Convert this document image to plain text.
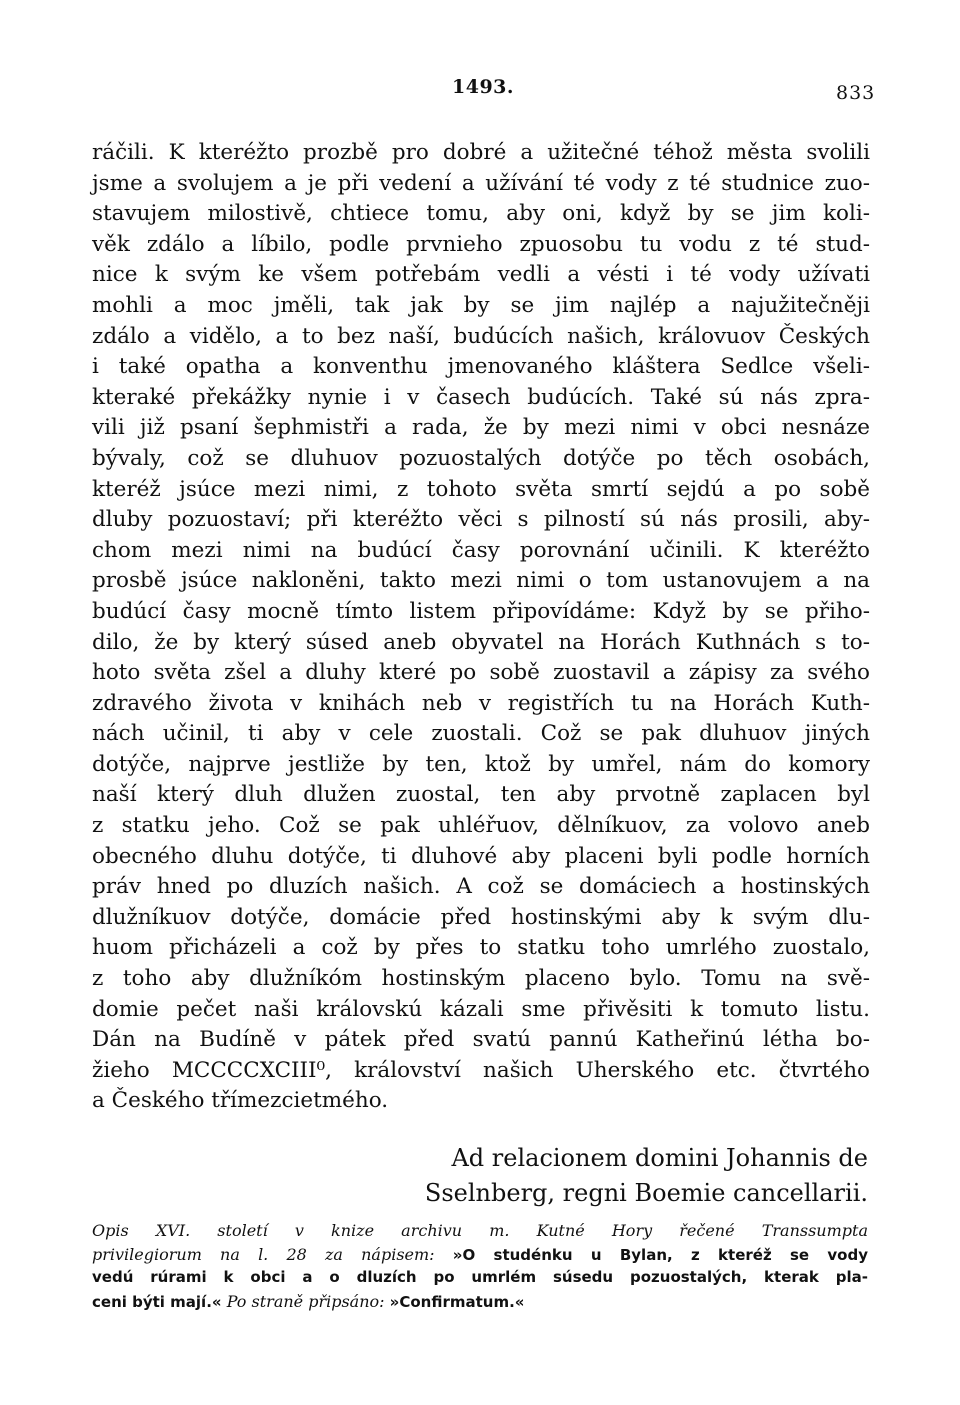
1493.	833
ráčili. K kteréžto prozbě pro dobré a užitečné téhož města svolili
jsme a svolujem a je při vedení a užívání té vody z té studnice zuo-
stavujem milostivě, chtiece tomu, aby oni, když by se jim koli-
věk zdálo a líbilo, podle prvnieho zpuosobu tu vodu z té stud-
nice k svým ke všem potřebám vedli a vésti i té vody užívati
mohli a moc jměli, tak jak by se jim najlép a najužitečněji
zdálo a vidělo, a to bez naší, budúcích našich, královuov Českých
i také opatha a konventhu jmenovaného kláštera Sedlce všeli-
kteraké překážky nynie i v časech budúcích. Také sú nás zpra-
vili již psaní šephmistři a rada, že by mezi nimi v obci nesnáze
bývaly, což se dluhuov pozuostalých dotýče po těch osobách,
kteréž jsúce mezi nimi, z tohoto světa smrtí sejdú a po sobě
dluby pozuostaví; při kteréžto věci s pilností sú nás prosili, aby-
chom mezi nimi na budúcí časy porovnání učinili. K kteréžto
prosbě jsúce nakloněni, takto mezi nimi o tom ustanovujem a na
budúcí časy mocně tímto listem připovídáme: Když by se přiho-
dilo, že by který súsed aneb obyvatel na Horách Kuthnách s to-
hoto světa zšel a dluhy které po sobě zuostavil a zápisy za svého
zdravého života v knihách neb v registřích tu na Horách Kuth-
nách učinil, ti aby v cele zuostali. Což se pak dluhuov jiných
dotýče, najprve jestliže by ten, ktož by umřel, nám do komory
naší který dluh dlužen zuostal, ten aby prvotně zaplacen byl
z statku jeho. Což se pak uhléřuov, dělníkuov, za volovo aneb
obecného dluhu dotýče, ti dluhové aby placeni byli podle horních
práv hned po dluzích našich. A což se domáciech a hostinských
dlužníkuov dotýče, domácie před hostinskými aby k svým dlu-
huom přicházeli a což by přes to statku toho umrlého zuostalo,
z toho aby dlužníkóm hostinským placeno bylo. Tomu na svě-
domie pečet naši královskú kázali sme přivěsiti k tomuto listu.
Dán na Budíně v pátek před svatú pannú Katheřinú létha bo-
žieho MCCCCXCIII⁰, království našich Uherského etc. čtvrtého
a Českého třímezcietmého.
Ad relacionem domini Johannis de
Sselnberg, regni Boemie cancellarii.
Opis XVI. století v knize archivu m. Kutné Hory řečené Transsumpta
privilegiorum na l. 28 za nápisem: »O studénku u Bylan, z kteréž se vody
vedú rúrami k obci a o dluzích po umrlém súsedu pozuostalých, kterak pla-
ceni býti mají.« Po straně připsáno: »Confirmatum.«
